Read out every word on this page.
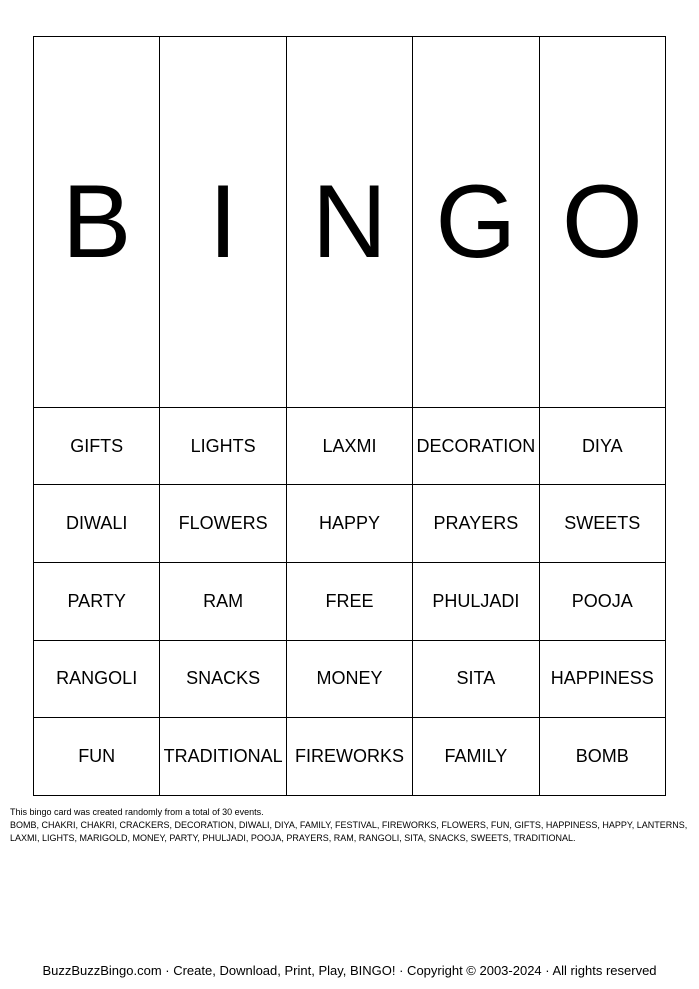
B	I	N	G	O
GIFTS	LIGHTS	LAXMI	DECORATION	DIYA
DIWALI	FLOWERS	HAPPY	PRAYERS	SWEETS
PARTY	RAM	FREE	PHULJADI	POOJA
RANGOLI	SNACKS	MONEY	SITA	HAPPINESS
FUN	TRADITIONAL	FIREWORKS	FAMILY	BOMB

This bingo card was created randomly from a total of 30 events.

BOMB, CHAKRI, CHAKRI, CRACKERS, DECORATION, DIWALI, DIYA, FAMILY, FESTIVAL, FIREWORKS, FLOWERS, FUN, GIFTS, HAPPINESS, HAPPY, LANTERNS, LAXMI, LIGHTS, MARIGOLD, MONEY, PARTY, PHULJADI, POOJA, PRAYERS, RAM, RANGOLI, SITA, SNACKS, SWEETS, TRADITIONAL.

BuzzBuzzBingo.com · Create, Download, Print, Play, BINGO! · Copyright © 2003-2024 · All rights reserved
